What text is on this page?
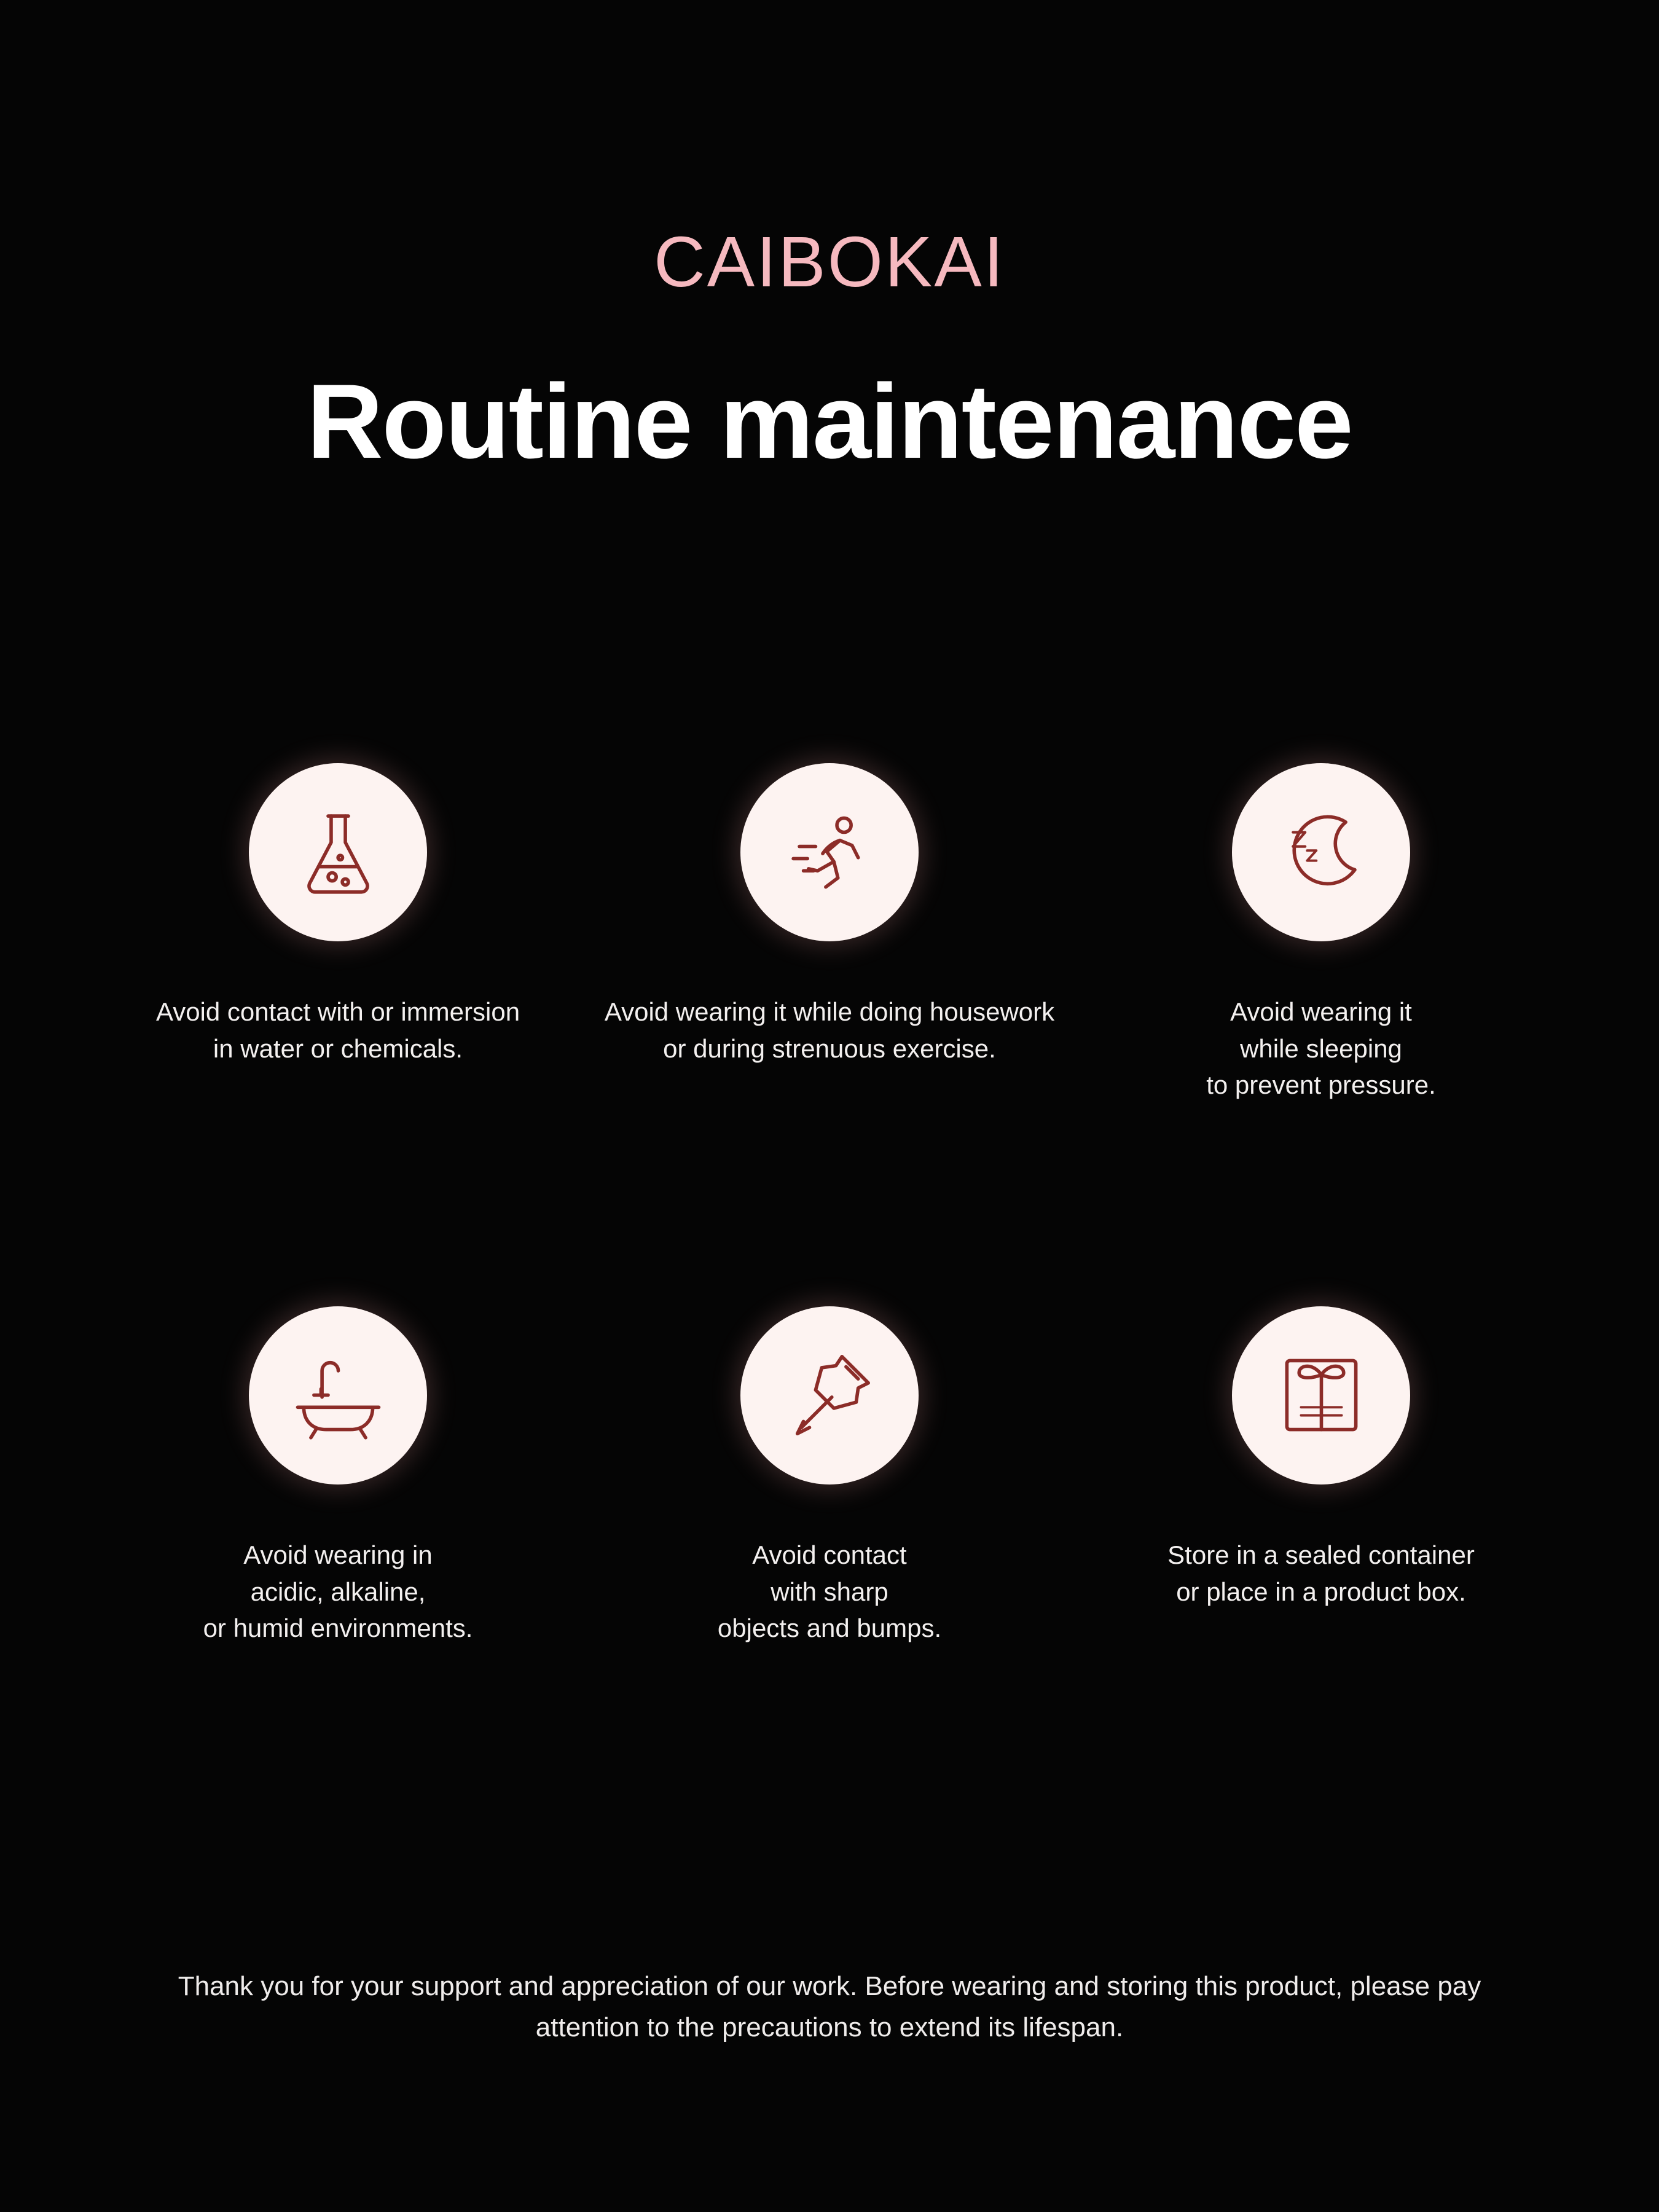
CAIBOKAI
Routine maintenance
Avoid contact with or immersion
in water or chemicals.
Avoid wearing it while doing housework
or during strenuous exercise.
Avoid wearing it
while sleeping
to prevent pressure.
Avoid wearing in
acidic, alkaline,
or humid environments.
Avoid contact
with sharp
objects and bumps.
Store in a sealed container
or place in a product box.
Thank you for your support and appreciation of our work. Before wearing and storing this product, please pay attention to the precautions to extend its lifespan.
